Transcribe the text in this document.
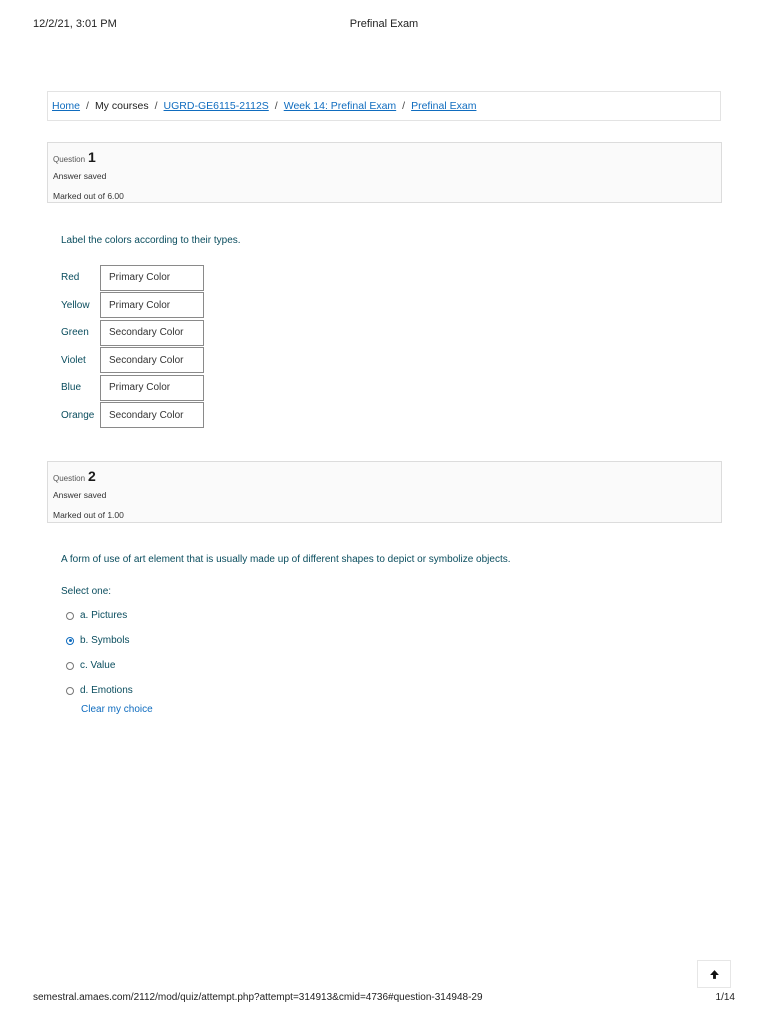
12/2/21, 3:01 PM	Prefinal Exam
Home / My courses / UGRD-GE6115-2112S / Week 14: Prefinal Exam / Prefinal Exam
Question 1
Answer saved
Marked out of 6.00
Label the colors according to their types.
Red	Primary Color
Yellow	Primary Color
Green	Secondary Color
Violet	Secondary Color
Blue	Primary Color
Orange	Secondary Color
Question 2
Answer saved
Marked out of 1.00
A form of use of art element that is usually made up of different shapes to depict or symbolize objects.
Select one:
a. Pictures
b. Symbols
c. Value
d. Emotions
Clear my choice
semestral.amaes.com/2112/mod/quiz/attempt.php?attempt=314913&cmid=4736#question-314948-29	1/14
